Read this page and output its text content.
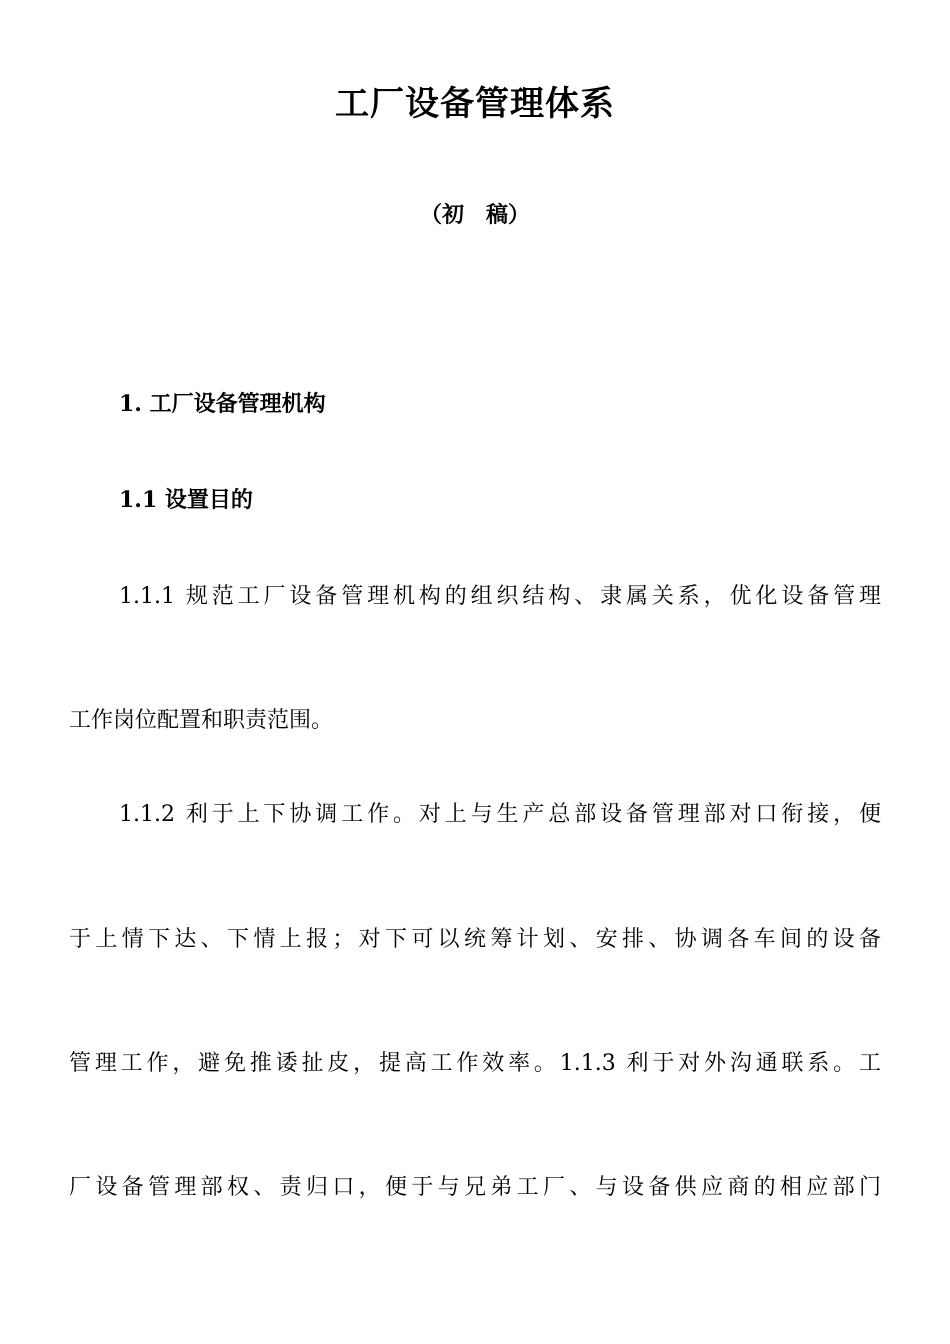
工厂设备管理体系
（初　稿）
1. 工厂设备管理机构
1.1 设置目的
1.1.1 规范工厂设备管理机构的组织结构、隶属关系，优化设备管理
工作岗位配置和职责范围。
1.1.2 利于上下协调工作。对上与生产总部设备管理部对口衔接，便
于上情下达、下情上报；对下可以统筹计划、安排、协调各车间的设备
管理工作，避免推诿扯皮，提高工作效率。1.1.3 利于对外沟通联系。工
厂设备管理部权、责归口，便于与兄弟工厂、与设备供应商的相应部门
